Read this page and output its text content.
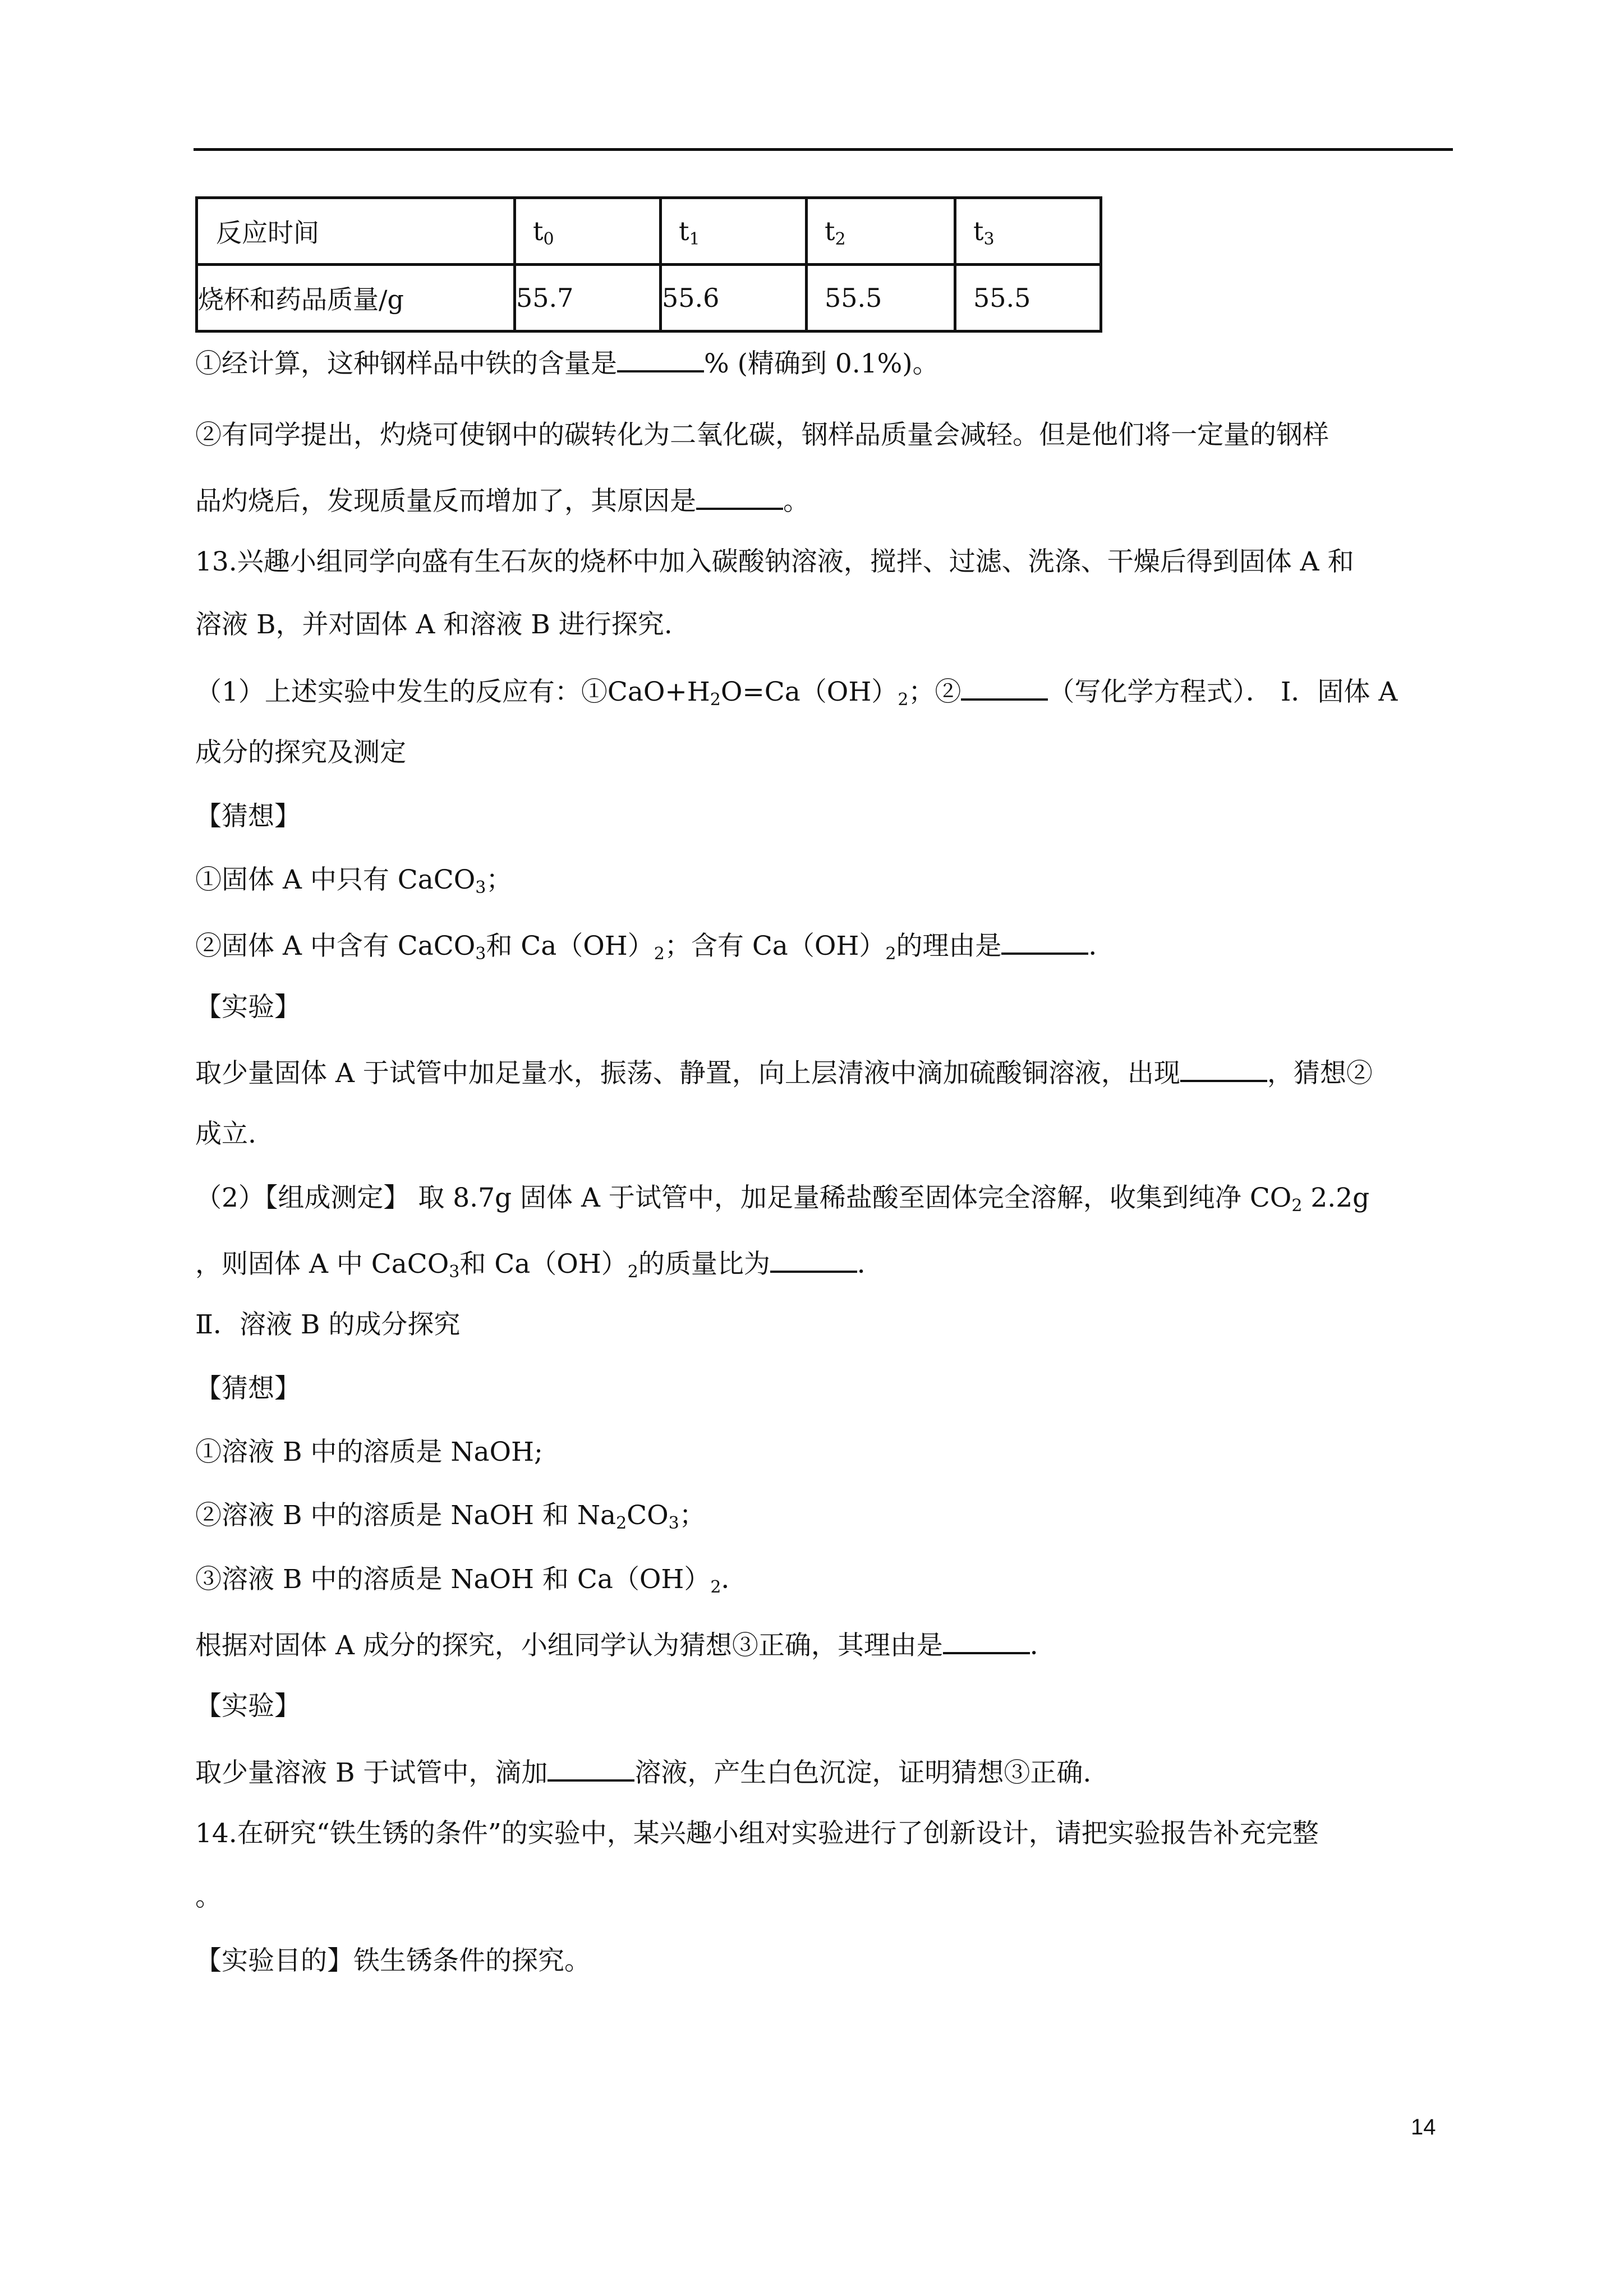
反应时间	$t_0$	$t_1$	$t_2$	$t_3$
烧杯和药品质量/g	55.7	55.6	55.5	55.5
①经计算，这种钢样品中铁的含量是	% (精确到 0.1%)。
②有同学提出，灼烧可使钢中的碳转化为二氧化碳，钢样品质量会减轻。但是他们将一定量的钢样
品灼烧后，发现质量反而增加了，其原因是	。
13.兴趣小组同学向盛有生石灰的烧杯中加入碳酸钠溶液，搅拌、过滤、洗涤、干燥后得到固体 A 和
溶液 B，并对固体 A 和溶液 B 进行探究.
（1）上述实验中发生的反应有：$①CaO+H_2O=Ca(OH)_2$；②	（写化学方程式）． Ⅰ．固体 A
成分的探究及测定
【猜想】
①固体 A 中只有 CaCO$_3$；
②固体 A 中含有 CaCO$_3$和 $Ca(OH)_2$；含有 $Ca(OH)_2$的理由是	．
【实验】
取少量固体 A 于试管中加足量水，振荡、静置，向上层清液中滴加硫酸铜溶液，出现	，猜想②
成立.
（2）【组成测定】 取 8.7g 固体 A 于试管中，加足量稀盐酸至固体完全溶解，收集到纯净 $CO_2$ 2.2g
，则固体 A 中 CaCO$_3$和 $Ca(OH)_2$的质量比为	．
Ⅱ．溶液 B 的成分探究
【猜想】
①溶液 B 中的溶质是 NaOH;
②溶液 B 中的溶质是 NaOH 和 $Na_2CO_3$；
③溶液 B 中的溶质是 NaOH 和 $Ca(OH)_2$．
根据对固体 A 成分的探究，小组同学认为猜想③正确，其理由是	．
【实验】
取少量溶液 B 于试管中，滴加	溶液，产生白色沉淀，证明猜想③正确.
14.在研究“铁生锈的条件”的实验中，某兴趣小组对实验进行了创新设计，请把实验报告补充完整
。
【实验目的】铁生锈条件的探究。
14
